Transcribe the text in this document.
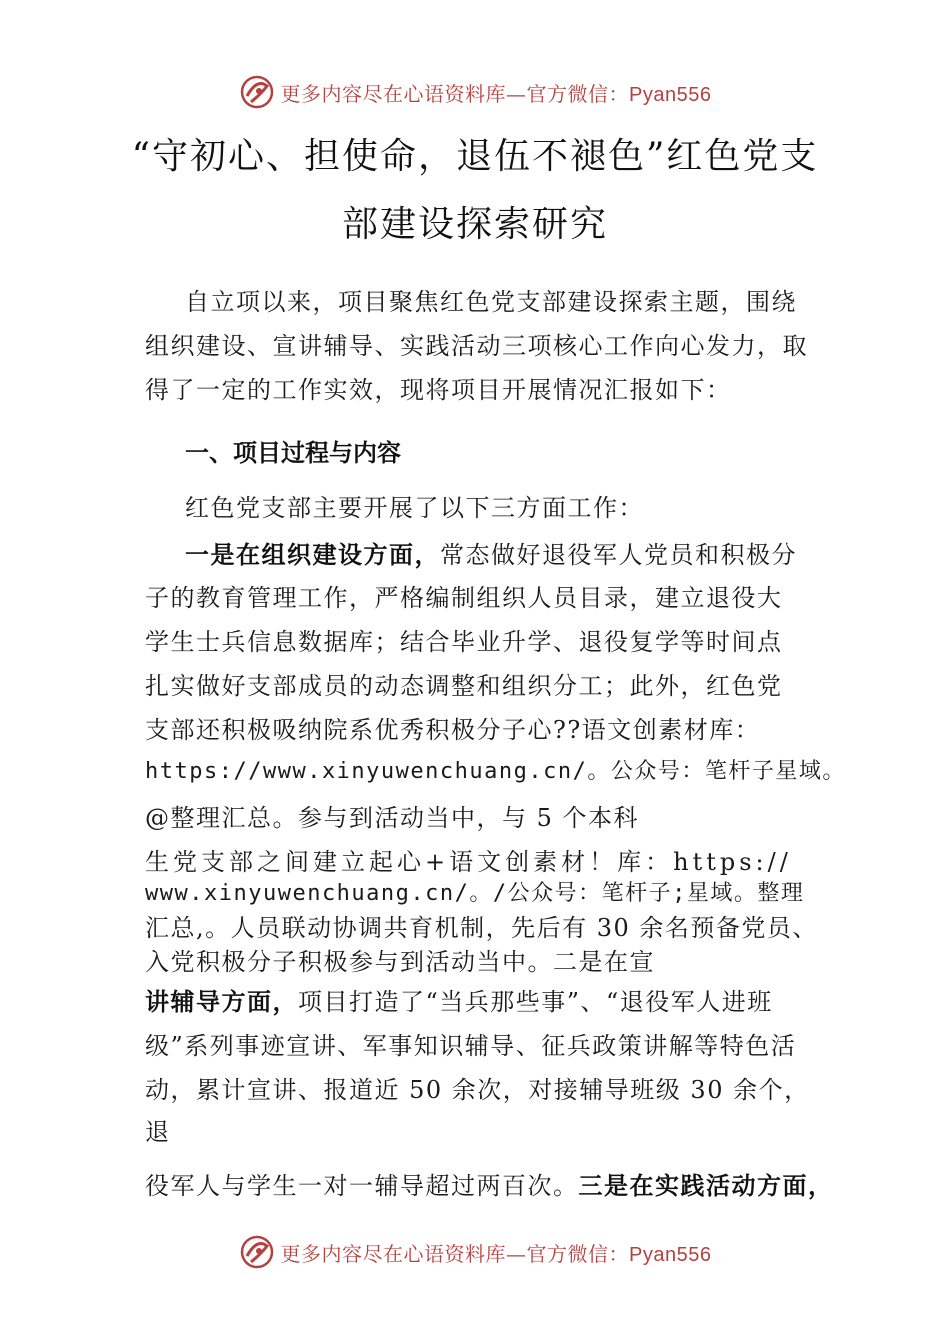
更多内容尽在心语资料库—官方微信：Pyan556
“守初心、担使命，退伍不褪色”红色党支
部建设探索研究
自立项以来，项目聚焦红色党支部建设探索主题，围绕
组织建设、宣讲辅导、实践活动三项核心工作向心发力，取
得了一定的工作实效，现将项目开展情况汇报如下：
一、项目过程与内容
红色党支部主要开展了以下三方面工作：
一是在组织建设方面，常态做好退役军人党员和积极分
子的教育管理工作，严格编制组织人员目录，建立退役大
学生士兵信息数据库；结合毕业升学、退役复学等时间点
扎实做好支部成员的动态调整和组织分工；此外，红色党
支部还积极吸纳院系优秀积极分子心??语文创素材库：
https://www.xinyuwenchuang.cn/。公众号：笔杆子星域。
@整理汇总。参与到活动当中，与 5 个本科
生党支部之间建立起心+语文创素材！库：https://
www.xinyuwenchuang.cn/。/公众号：笔杆子;星域。整理
汇总,。人员联动协调共育机制，先后有 30 余名预备党员、
入党积极分子积极参与到活动当中。二是在宣
讲辅导方面，项目打造了“当兵那些事”、“退役军人进班
级”系列事迹宣讲、军事知识辅导、征兵政策讲解等特色活
动，累计宣讲、报道近 50 余次，对接辅导班级 30 余个，
退
役军人与学生一对一辅导超过两百次。三是在实践活动方面，
更多内容尽在心语资料库—官方微信：Pyan556
